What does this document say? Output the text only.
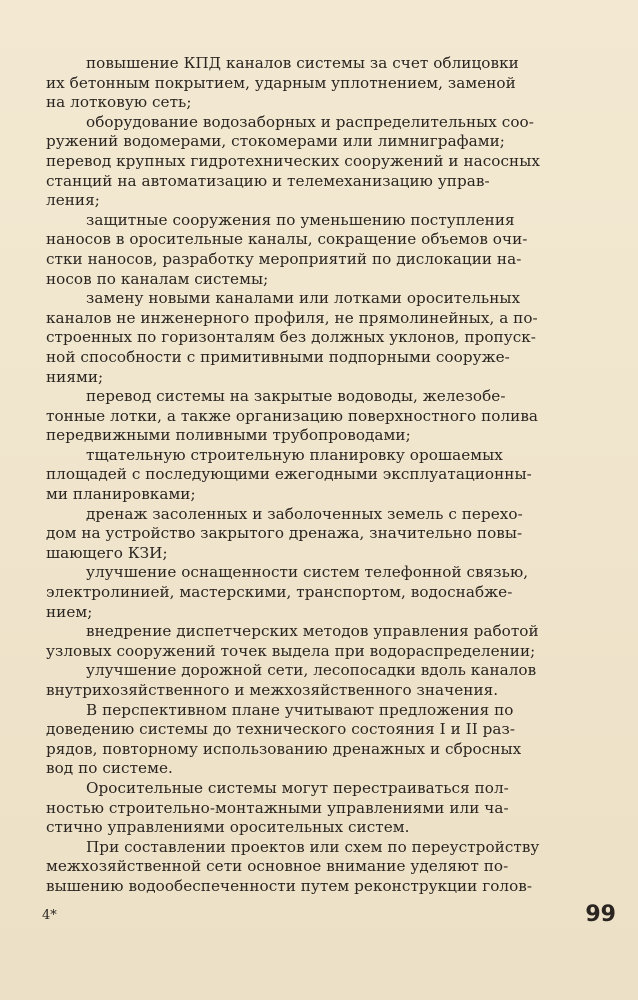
повышение КПД каналов системы за счет облицовки
их бетонным покрытием, ударным уплотнением, заменой
на лотковую сеть;

оборудование водозаборных и распределительных соо-
ружений водомерами, стокомерами или лимниграфами;
перевод крупных гидротехнических сооружений и насосных
станций на автоматизацию и телемеханизацию управ-
ления;

защитные сооружения по уменьшению поступления
наносов в оросительные каналы, сокращение объемов очи-
стки наносов, разработку мероприятий по дислокации на-
носов по каналам системы;

замену новыми каналами или лотками оросительных
каналов не инженерного профиля, не прямолинейных, а по-
строенных по горизонталям без должных уклонов, пропуск-
ной способности с примитивными подпорными сооруже-
ниями;

перевод системы на закрытые водоводы, железобе-
тонные лотки, а также организацию поверхностного полива
передвижными поливными трубопроводами;

тщательную строительную планировку орошаемых
площадей с последующими ежегодными эксплуатационны-
ми планировками;

дренаж засоленных и заболоченных земель с перехо-
дом на устройство закрытого дренажа, значительно повы-
шающего КЗИ;

улучшение оснащенности систем телефонной связью,
электролинией, мастерскими, транспортом, водоснабже-
нием;

внедрение диспетчерских методов управления работой
узловых сооружений точек выдела при водораспределении;

улучшение дорожной сети, лесопосадки вдоль каналов
внутрихозяйственного и межхозяйственного значения.

В перспективном плане учитывают предложения по
доведению системы до технического состояния I и II раз-
рядов, повторному использованию дренажных и сбросных
вод по системе.

Оросительные системы могут перестраиваться пол-
ностью строительно-монтажными управлениями или ча-
стично управлениями оросительных систем.

При составлении проектов или схем по переустройству
межхозяйственной сети основное внимание уделяют по-
вышению водообеспеченности путем реконструкции голов-

4*	99
